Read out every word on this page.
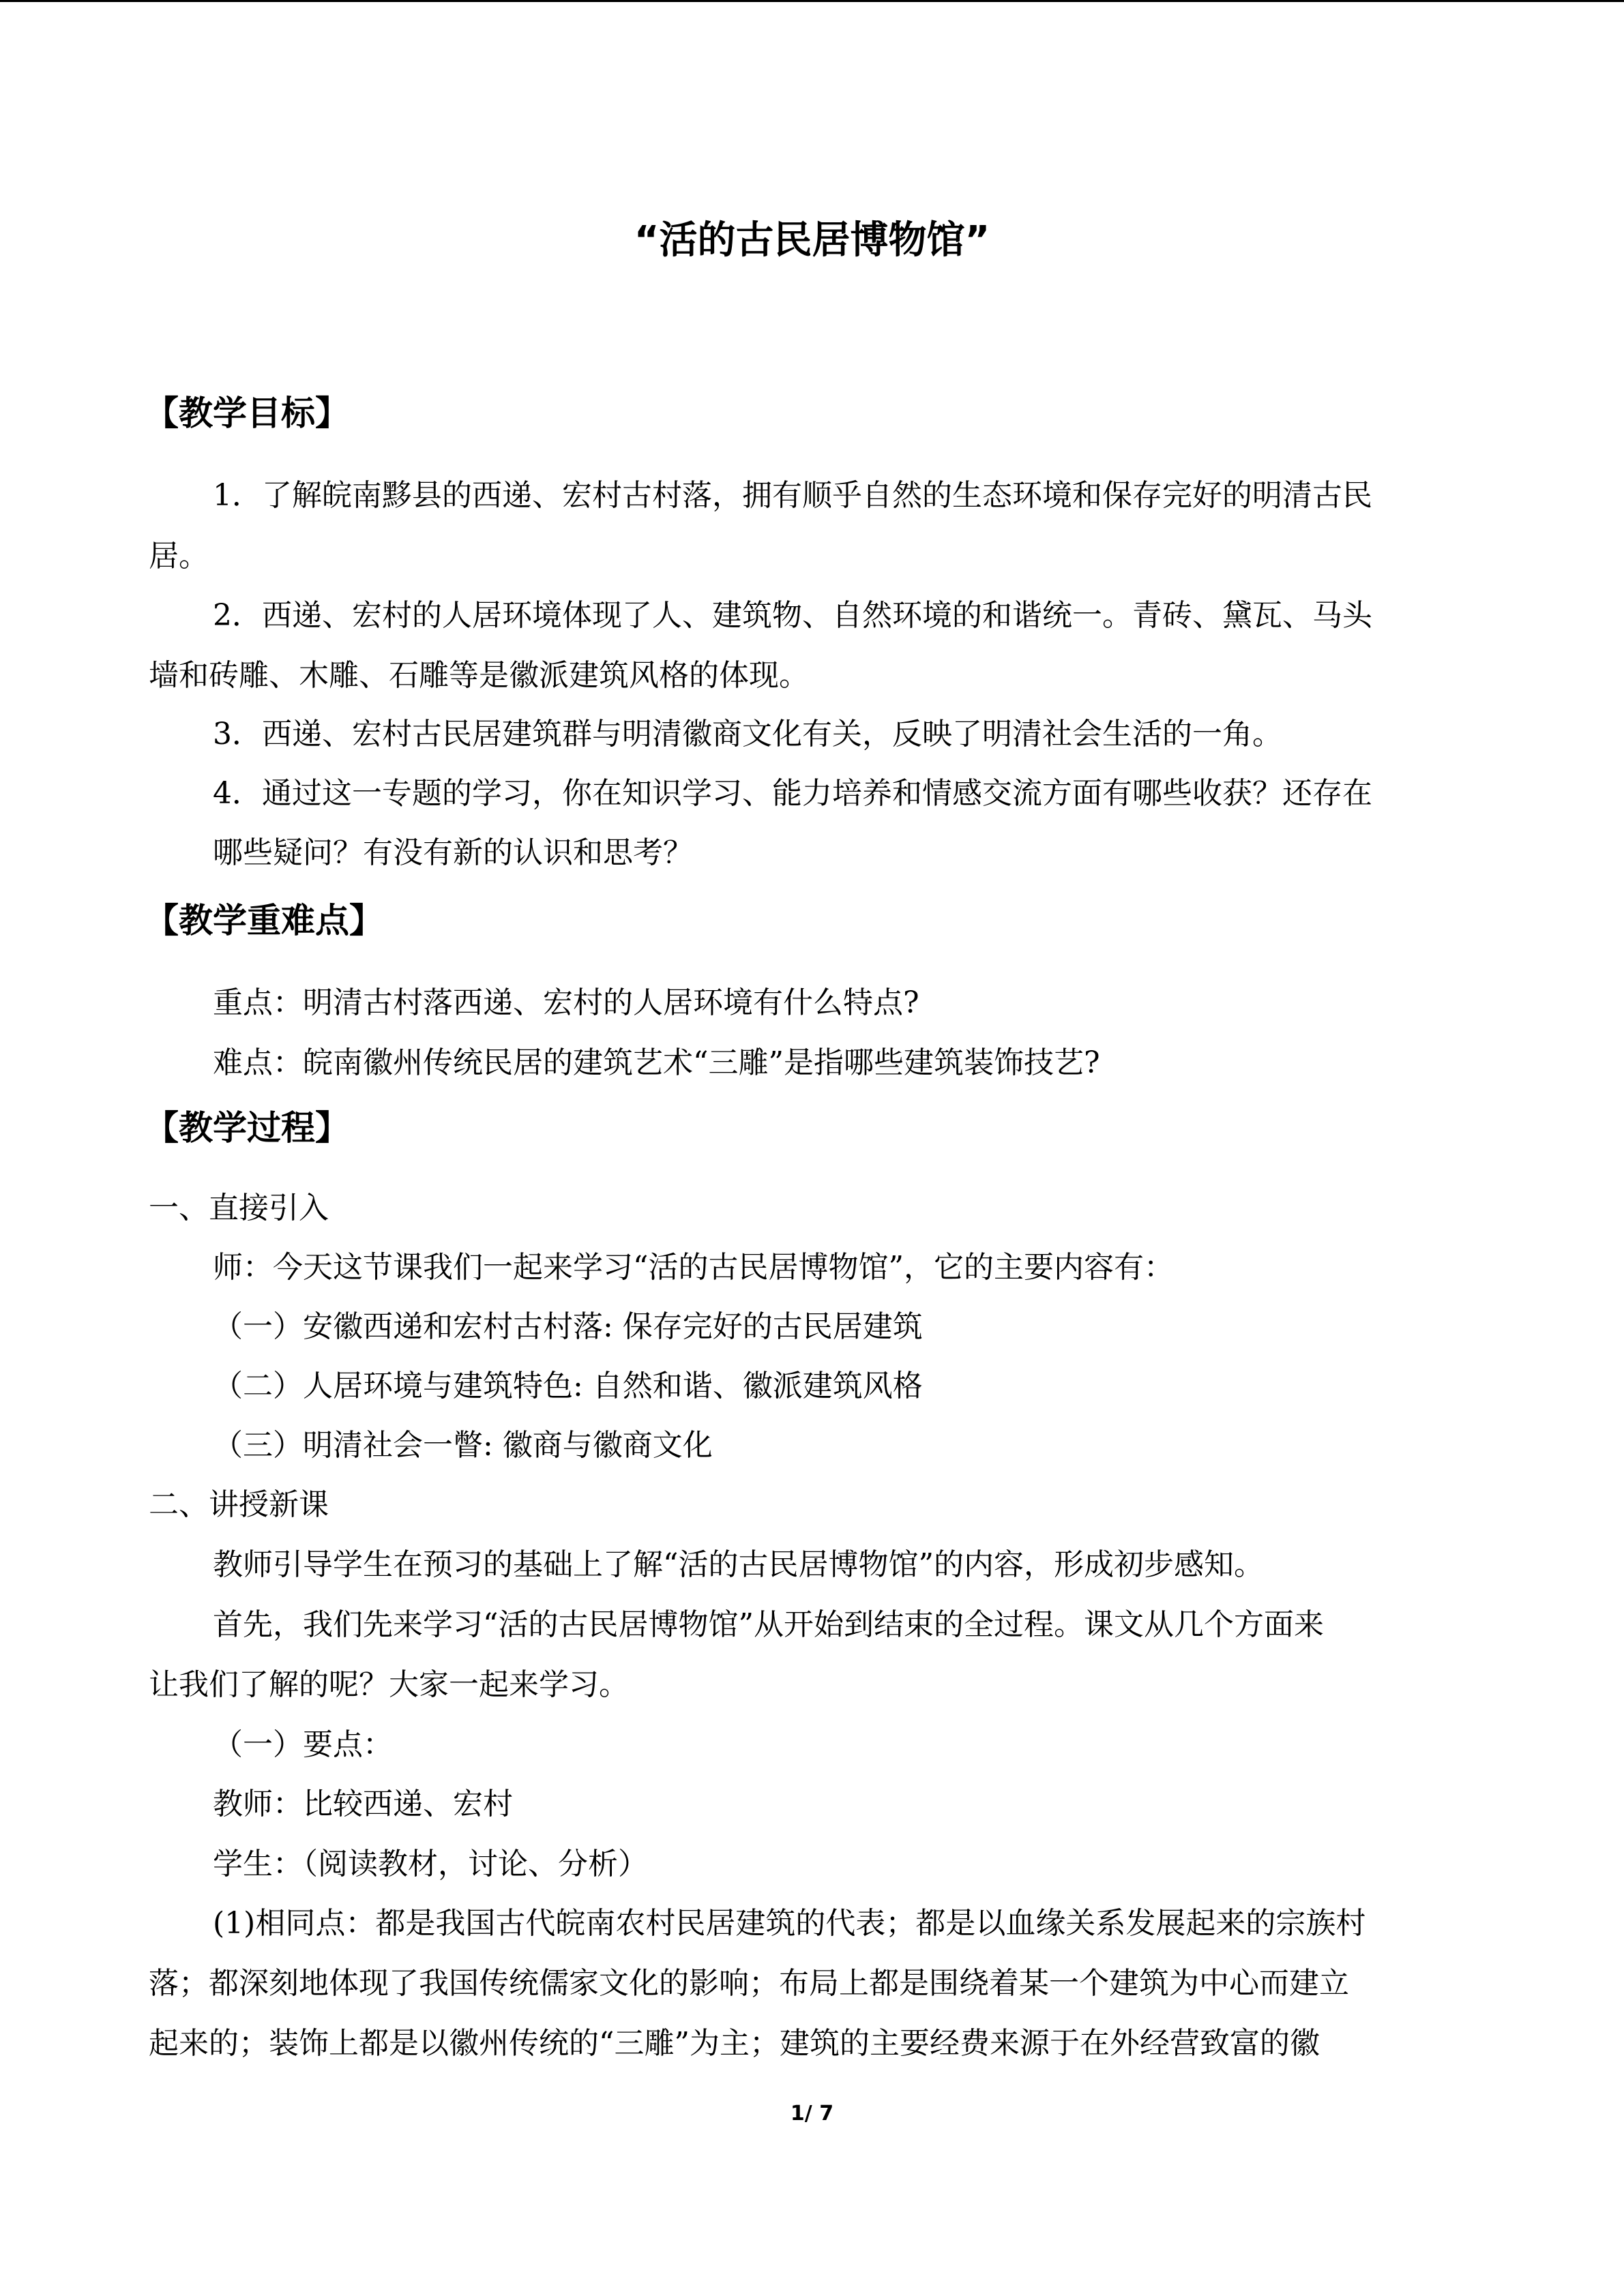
“活的古民居博物馆”
【教学目标】
1．了解皖南黟县的西递、宏村古村落，拥有顺乎自然的生态环境和保存完好的明清古民
居。
2．西递、宏村的人居环境体现了人、建筑物、自然环境的和谐统一。青砖、黛瓦、马头
墙和砖雕、木雕、石雕等是徽派建筑风格的体现。
3．西递、宏村古民居建筑群与明清徽商文化有关，反映了明清社会生活的一角。
4．通过这一专题的学习，你在知识学习、能力培养和情感交流方面有哪些收获？还存在
哪些疑问？有没有新的认识和思考？
【教学重难点】
重点：明清古村落西递、宏村的人居环境有什么特点?
难点：皖南徽州传统民居的建筑艺术“三雕”是指哪些建筑装饰技艺?
【教学过程】
一、直接引入
师：今天这节课我们一起来学习“活的古民居博物馆”，它的主要内容有：
（一）安徽西递和宏村古村落: 保存完好的古民居建筑
（二）人居环境与建筑特色: 自然和谐、徽派建筑风格
（三）明清社会一瞥: 徽商与徽商文化
二、讲授新课
教师引导学生在预习的基础上了解“活的古民居博物馆”的内容，形成初步感知。
首先，我们先来学习“活的古民居博物馆”从开始到结束的全过程。课文从几个方面来
让我们了解的呢？大家一起来学习。
（一）要点：
教师：比较西递、宏村
学生：（阅读教材，讨论、分析）
(1)相同点：都是我国古代皖南农村民居建筑的代表；都是以血缘关系发展起来的宗族村
落；都深刻地体现了我国传统儒家文化的影响；布局上都是围绕着某一个建筑为中心而建立
起来的；装饰上都是以徽州传统的“三雕”为主；建筑的主要经费来源于在外经营致富的徽
1/ 7
